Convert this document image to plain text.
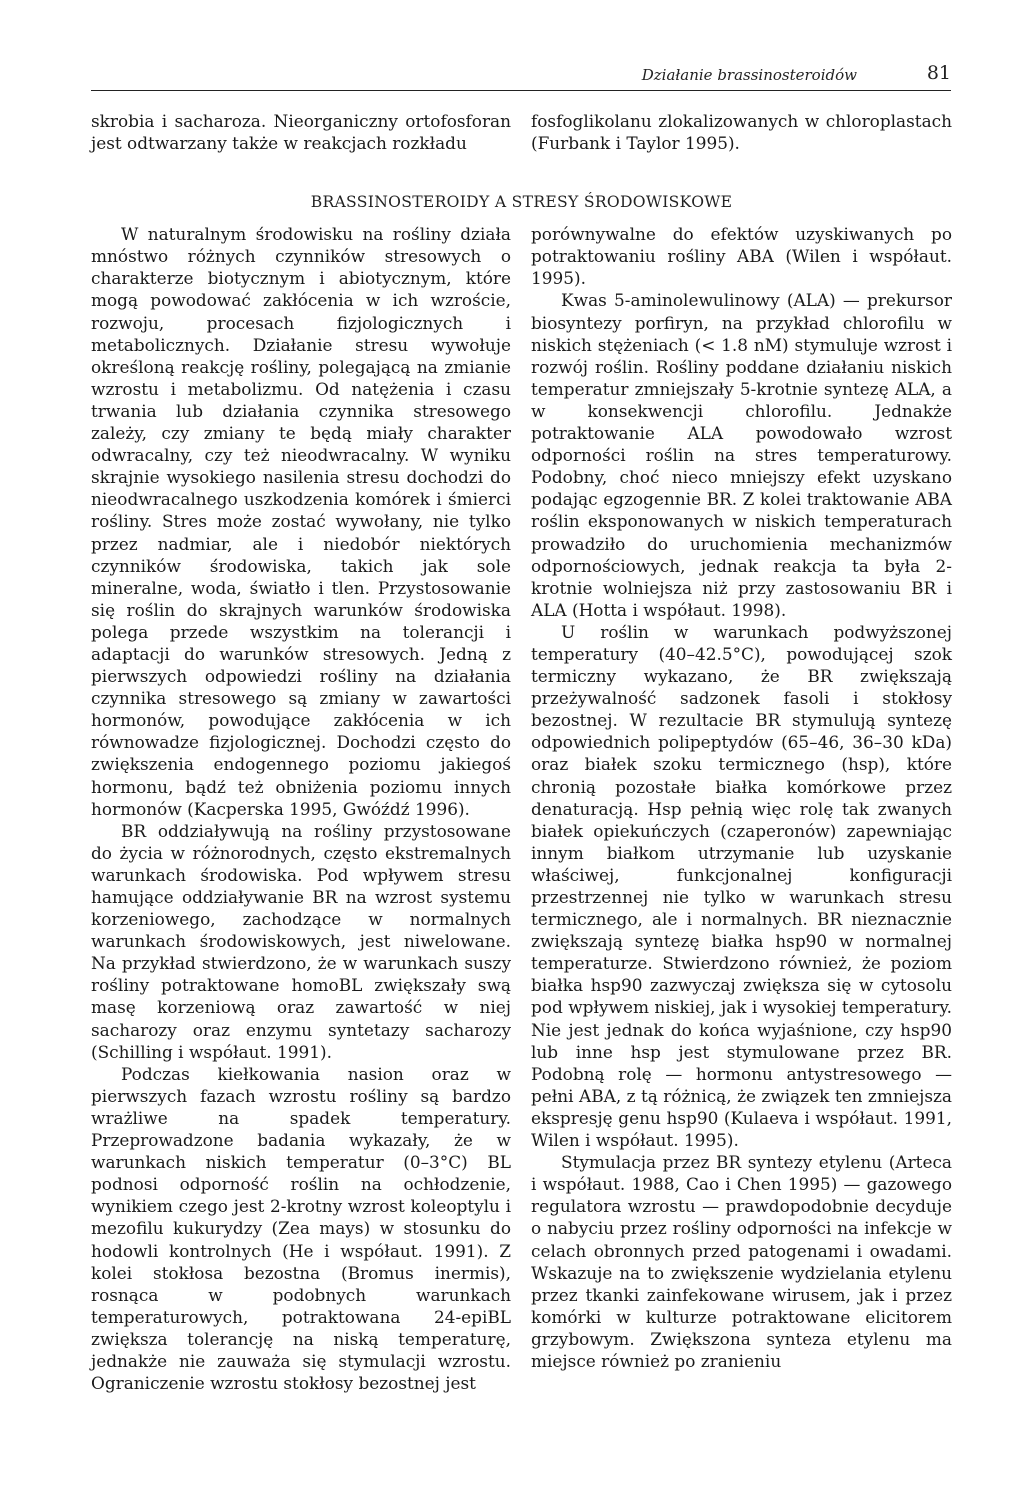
Działanie brassinosteroidów	81
BRASSINOSTEROIDY A STRESY ŚRODOWISKOWE

skrobia i sacharoza. Nieorganiczny ortofosforan jest odtwarzany także w reakcjach rozkładu

W naturalnym środowisku na rośliny działa mnóstwo różnych czynników stresowych o charakterze biotycznym i abiotycznym, które mogą powodować zakłócenia w ich wzroście, rozwoju, procesach fizjologicznych i metabolicznych. Działanie stresu wywołuje określoną reakcję rośliny, polegającą na zmianie wzrostu i metabolizmu. Od natężenia i czasu trwania lub działania czynnika stresowego zależy, czy zmiany te będą miały charakter odwracalny, czy też nieodwracalny. W wyniku skrajnie wysokiego nasilenia stresu dochodzi do nieodwracalnego uszkodzenia komórek i śmierci rośliny. Stres może zostać wywołany, nie tylko przez nadmiar, ale i niedobór niektórych czynników środowiska, takich jak sole mineralne, woda, światło i tlen. Przystosowanie się roślin do skrajnych warunków środowiska polega przede wszystkim na tolerancji i adaptacji do warunków stresowych. Jedną z pierwszych odpowiedzi rośliny na działania czynnika stresowego są zmiany w zawartości hormonów, powodujące zakłócenia w ich równowadze fizjologicznej. Dochodzi często do zwiększenia endogennego poziomu jakiegoś hormonu, bądź też obniżenia poziomu innych hormonów (Kacperska 1995, Gwóźdź 1996).

BR oddziaływują na rośliny przystosowane do życia w różnorodnych, często ekstremalnych warunkach środowiska. Pod wpływem stresu hamujące oddziaływanie BR na wzrost systemu korzeniowego, zachodzące w normalnych warunkach środowiskowych, jest niwelowane. Na przykład stwierdzono, że w warunkach suszy rośliny potraktowane homoBL zwiększały swą masę korzeniową oraz zawartość w niej sacharozy oraz enzymu syntetazy sacharozy (Schilling i współaut. 1991).

Podczas kiełkowania nasion oraz w pierwszych fazach wzrostu rośliny są bardzo wrażliwe na spadek temperatury. Przeprowadzone badania wykazały, że w warunkach niskich temperatur (0–3°C) BL podnosi odporność roślin na ochłodzenie, wynikiem czego jest 2-krotny wzrost koleoptylu i mezofilu kukurydzy (Zea mays) w stosunku do hodowli kontrolnych (He i współaut. 1991). Z kolei stokłosa bezostna (Bromus inermis), rosnąca w podobnych warunkach temperaturowych, potraktowana 24-epiBL zwiększa tolerancję na niską temperaturę, jednakże nie zauważa się stymulacji wzrostu. Ograniczenie wzrostu stokłosy bezostnej jest

fosfoglikolanu zlokalizowanych w chloroplastach (Furbank i Taylor 1995).

porównywalne do efektów uzyskiwanych po potraktowaniu rośliny ABA (Wilen i współaut. 1995).

Kwas 5-aminolewulinowy (ALA) — prekursor biosyntezy porfiryn, na przykład chlorofilu w niskich stężeniach (< 1.8 nM) stymuluje wzrost i rozwój roślin. Rośliny poddane działaniu niskich temperatur zmniejszały 5-krotnie syntezę ALA, a w konsekwencji chlorofilu. Jednakże potraktowanie ALA powodowało wzrost odporności roślin na stres temperaturowy. Podobny, choć nieco mniejszy efekt uzyskano podając egzogennie BR. Z kolei traktowanie ABA roślin eksponowanych w niskich temperaturach prowadziło do uruchomienia mechanizmów odpornościowych, jednak reakcja ta była 2-krotnie wolniejsza niż przy zastosowaniu BR i ALA (Hotta i współaut. 1998).

U roślin w warunkach podwyższonej temperatury (40–42.5°C), powodującej szok termiczny wykazano, że BR zwiększają przeżywalność sadzonek fasoli i stokłosy bezostnej. W rezultacie BR stymulują syntezę odpowiednich polipeptydów (65–46, 36–30 kDa) oraz białek szoku termicznego (hsp), które chronią pozostałe białka komórkowe przez denaturacją. Hsp pełnią więc rolę tak zwanych białek opiekuńczych (czaperonów) zapewniając innym białkom utrzymanie lub uzyskanie właściwej, funkcjonalnej konfiguracji przestrzennej nie tylko w warunkach stresu termicznego, ale i normalnych. BR nieznacznie zwiększają syntezę białka hsp90 w normalnej temperaturze. Stwierdzono również, że poziom białka hsp90 zazwyczaj zwiększa się w cytosolu pod wpływem niskiej, jak i wysokiej temperatury. Nie jest jednak do końca wyjaśnione, czy hsp90 lub inne hsp jest stymulowane przez BR. Podobną rolę — hormonu antystresowego — pełni ABA, z tą różnicą, że związek ten zmniejsza ekspresję genu hsp90 (Kulaeva i współaut. 1991, Wilen i współaut. 1995).

Stymulacja przez BR syntezy etylenu (Arteca i współaut. 1988, Cao i Chen 1995) — gazowego regulatora wzrostu — prawdopodobnie decyduje o nabyciu przez rośliny odporności na infekcje w celach obronnych przed patogenami i owadami. Wskazuje na to zwiększenie wydzielania etylenu przez tkanki zainfekowane wirusem, jak i przez komórki w kulturze potraktowane elicitorem grzybowym. Zwiększona synteza etylenu ma miejsce również po zranieniu
